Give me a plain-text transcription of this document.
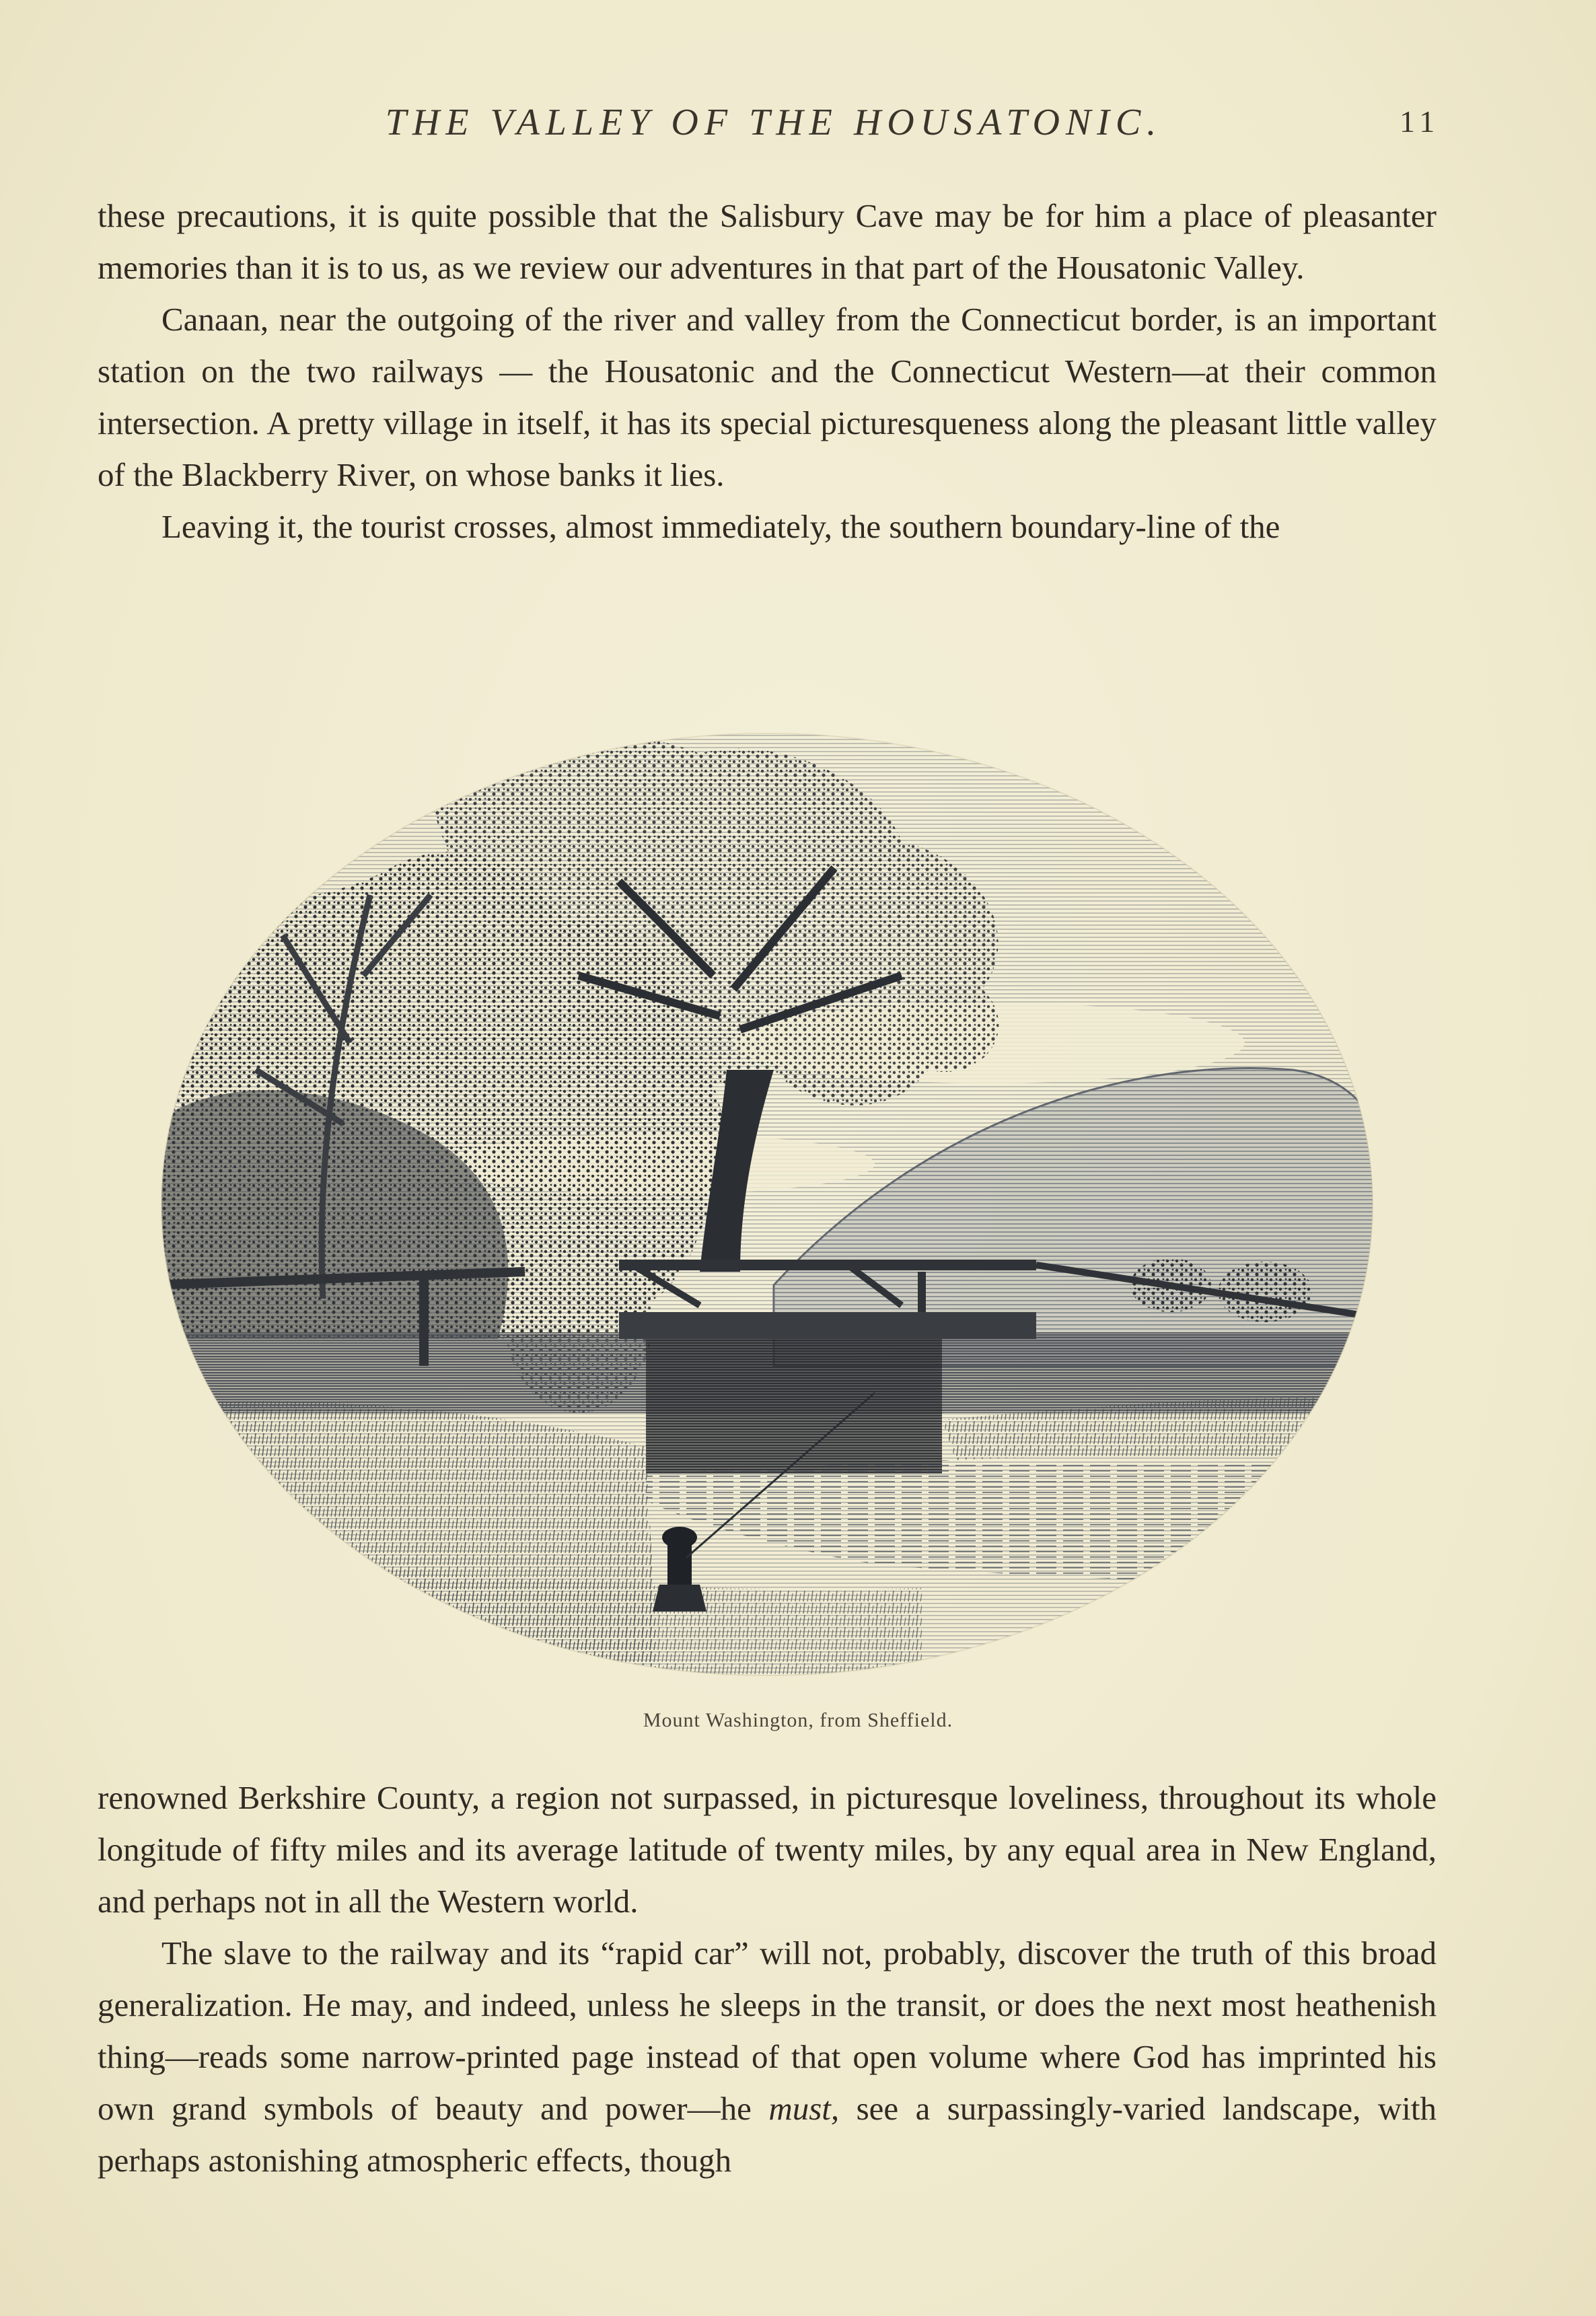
THE VALLEY OF THE HOUSATONIC.	11

these precautions, it is quite possible that the Salisbury Cave may be for him a place of pleasanter memories than it is to us, as we review our adventures in that part of the Housatonic Valley.

Canaan, near the outgoing of the river and valley from the Connecticut border, is an important station on the two railways — the Housatonic and the Connecticut Western—at their common intersection. A pretty village in itself, it has its special picturesqueness along the pleasant little valley of the Blackberry River, on whose banks it lies.

Leaving it, the tourist crosses, almost immediately, the southern boundary-line of the

Mount Washington, from Sheffield.

renowned Berkshire County, a region not surpassed, in picturesque loveliness, throughout its whole longitude of fifty miles and its average latitude of twenty miles, by any equal area in New England, and perhaps not in all the Western world.

The slave to the railway and its “rapid car” will not, probably, discover the truth of this broad generalization. He may, and indeed, unless he sleeps in the transit, or does the next most heathenish thing—reads some narrow-printed page instead of that open volume where God has imprinted his own grand symbols of beauty and power—he must, see a surpassingly-varied landscape, with perhaps astonishing atmospheric effects, though
